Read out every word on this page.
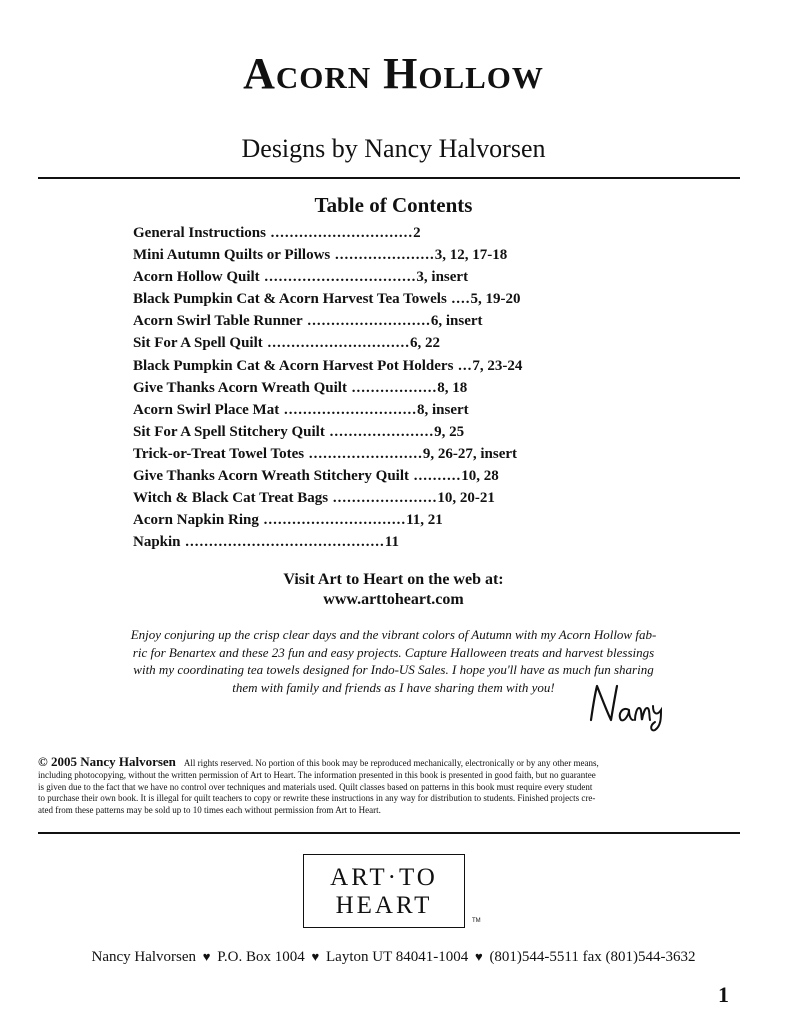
Acorn Hollow
Designs by Nancy Halvorsen
Table of Contents
General Instructions ..............................2
Mini Autumn Quilts or Pillows .....................3, 12, 17-18
Acorn Hollow Quilt ................................3, insert
Black Pumpkin Cat & Acorn Harvest Tea Towels ....5, 19-20
Acorn Swirl Table Runner ..........................6, insert
Sit For A Spell Quilt ..............................6, 22
Black Pumpkin Cat & Acorn Harvest Pot Holders ...7, 23-24
Give Thanks Acorn Wreath Quilt ..................8, 18
Acorn Swirl Place Mat ............................8, insert
Sit For A Spell Stitchery Quilt ......................9, 25
Trick-or-Treat Towel Totes ........................9, 26-27, insert
Give Thanks Acorn Wreath Stitchery Quilt ..........10, 28
Witch & Black Cat Treat Bags ......................10, 20-21
Acorn Napkin Ring ..............................11, 21
Napkin ..........................................11
Visit Art to Heart on the web at:
www.arttoheart.com
Enjoy conjuring up the crisp clear days and the vibrant colors of Autumn with my Acorn Hollow fab-
ric for Benartex and these 23 fun and easy projects. Capture Halloween treats and harvest blessings
with my coordinating tea towels designed for Indo-US Sales. I hope you'll have as much fun sharing
them with family and friends as I have sharing them with you!
© 2005 Nancy Halvorsen All rights reserved. No portion of this book may be reproduced mechanically, electronically or by any other means,
including photocopying, without the written permission of Art to Heart. The information presented in this book is presented in good faith, but no guarantee
is given due to the fact that we have no control over techniques and materials used. Quilt classes based on patterns in this book must require every student
to purchase their own book. It is illegal for quilt teachers to copy or rewrite these instructions in any way for distribution to students. Finished projects cre-
ated from these patterns may be sold up to 10 times each without permission from Art to Heart.
ART·TO
HEART
TM
Nancy Halvorsen ♥ P.O. Box 1004 ♥ Layton UT 84041-1004 ♥ (801)544-5511 fax (801)544-3632
1
